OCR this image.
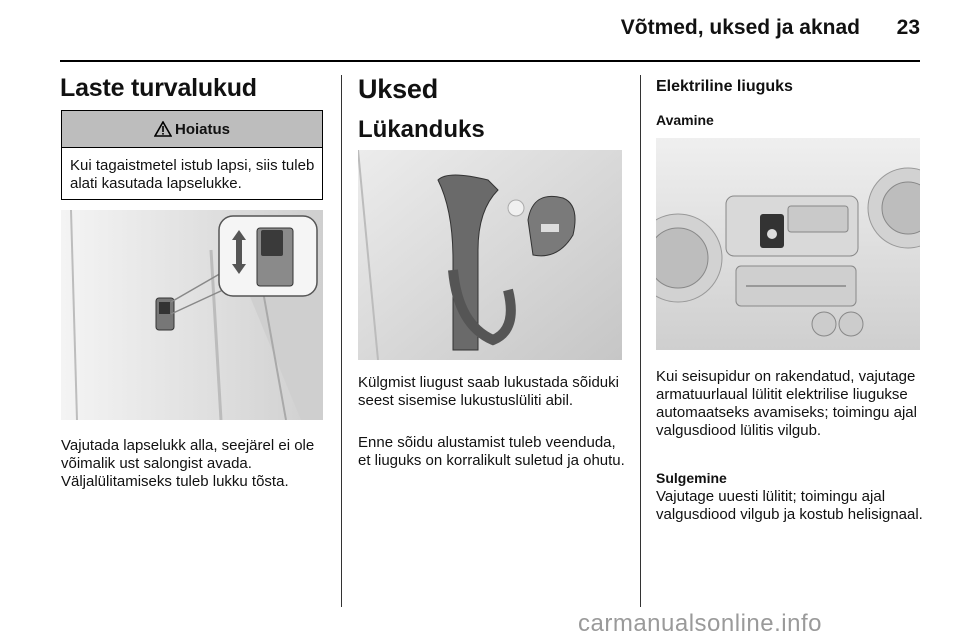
Võtmed, uksed ja aknad	23
Laste turvalukud
Hoiatus
Kui tagaistmetel istub lapsi, siis tuleb alati kasutada lapselukke.
Vajutada lapselukk alla, seejärel ei ole võimalik ust salongist avada. Väljalülitamiseks tuleb lukku tõsta.
Uksed
Lükanduks
Külgmist liugust saab lukustada sõiduki seest sisemise lukustuslüliti abil.
Enne sõidu alustamist tuleb veenduda, et liuguks on korralikult suletud ja ohutu.
Elektriline liuguks
Avamine
Kui seisupidur on rakendatud, vajutage armatuurlaual lülitit elektrilise liugukse automaatseks avamiseks; toimingu ajal valgusdiood lülitis vilgub.
Sulgemine
Vajutage uuesti lülitit; toimingu ajal valgusdiood vilgub ja kostub helisignaal.
carmanualsonline.info
